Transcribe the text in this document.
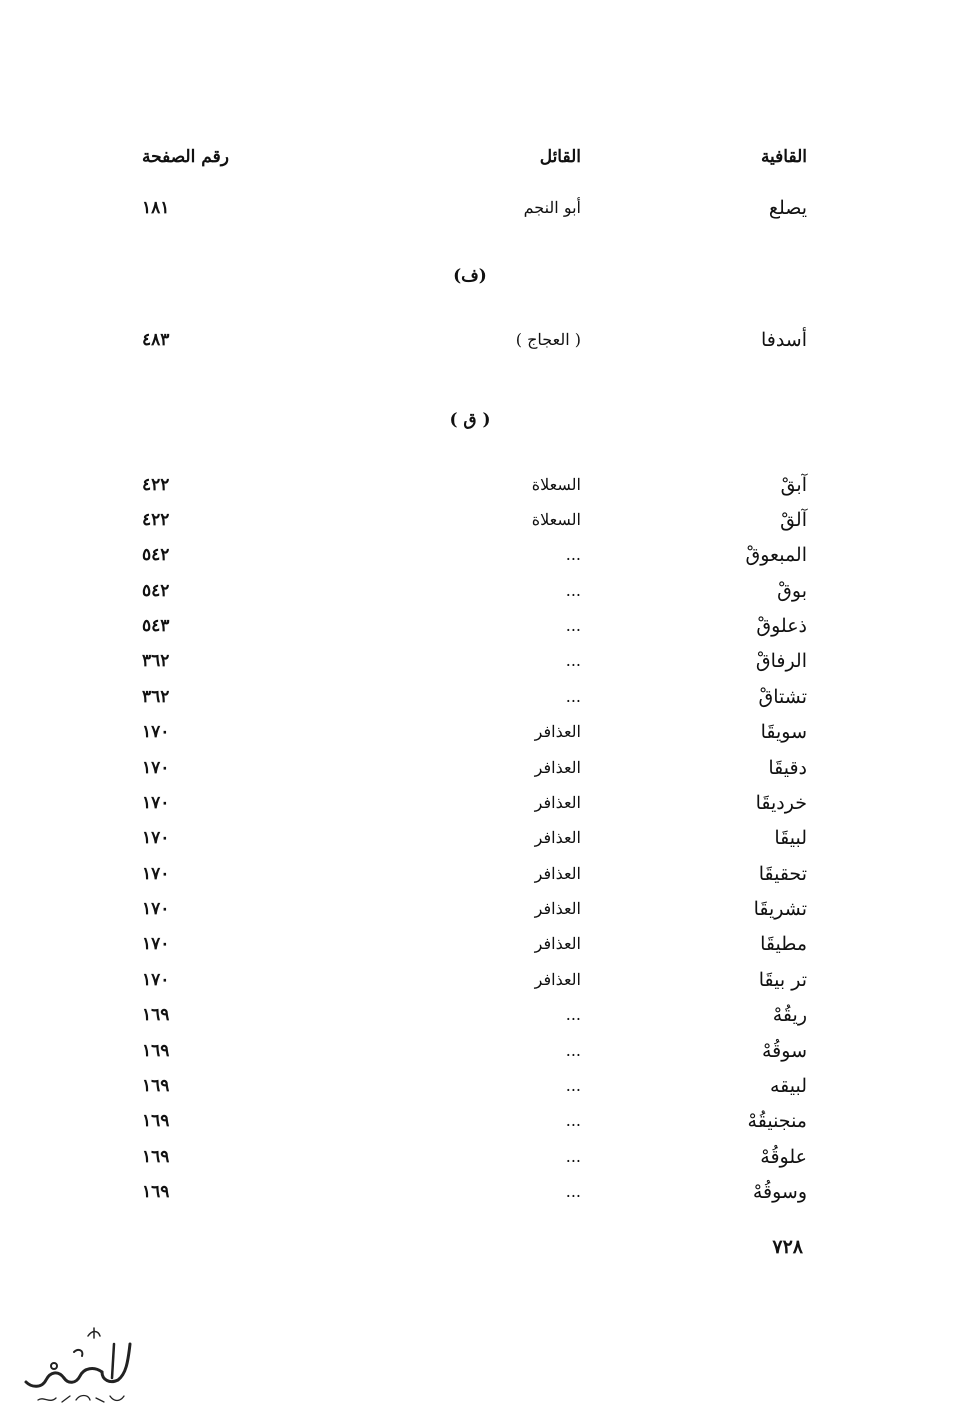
القافية
القائل
رقم الصفحة
يصلع
أبو النجم
١٨١
(ف)
أسدفا
( العجاج )
٤٨٣
( ق )
آبقْ
السعلاة
٤٢٢
آلقْ
السعلاة
٤٢٢
المبعوقْ
...
٥٤٢
بوقْ
...
٥٤٢
ذعلوقْ
...
٥٤٣
الرفاقْ
...
٣٦٢
تشتاقْ
...
٣٦٢
سويقَا
العذافر
١٧٠
دقيقَا
العذافر
١٧٠
خرديقَا
العذافر
١٧٠
لبيقَا
العذافر
١٧٠
تحقيقَا
العذافر
١٧٠
تشريقَا
العذافر
١٧٠
مطيقَا
العذافر
١٧٠
تر بيقَا
العذافر
١٧٠
ريقُهْ
...
١٦٩
سوقُهْ
...
١٦٩
لبيقه
...
١٦٩
منجنيقُهْ
...
١٦٩
علوقُهْ
...
١٦٩
وسوقُهْ
...
١٦٩
٧٢٨
